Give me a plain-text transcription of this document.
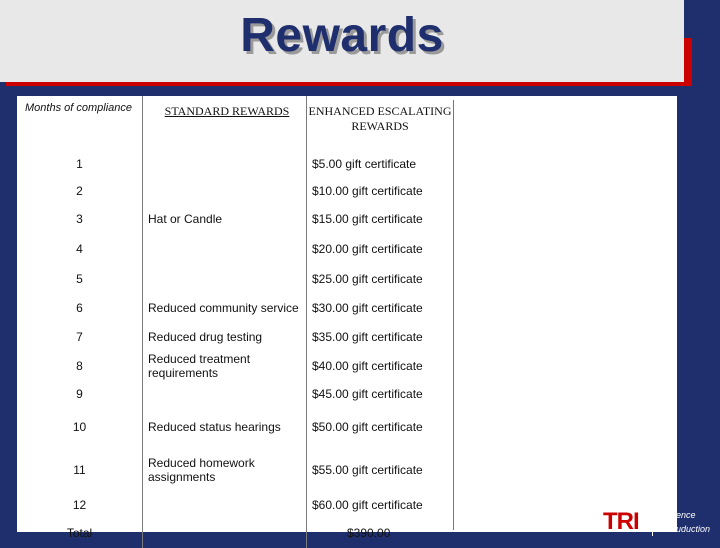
Rewards
Months of compliance	STANDARD REWARDS	ENHANCED ESCALATING REWARDS
1		$5.00 gift certificate
2		$10.00 gift certificate
3	Hat or Candle	$15.00 gift certificate
4		$20.00 gift certificate
5		$25.00 gift certificate
6	Reduced community service	$30.00 gift certificate
7	Reduced drug testing	$35.00 gift certificate
8	Reduced treatment requirements	$40.00 gift certificate
9		$45.00 gift certificate
10	Reduced status hearings	$50.00 gift certificate
11	Reduced homework assignments	$55.00 gift certificate
12		$60.00 gift certificate
Total		$390.00	TRI	ence
uduction
